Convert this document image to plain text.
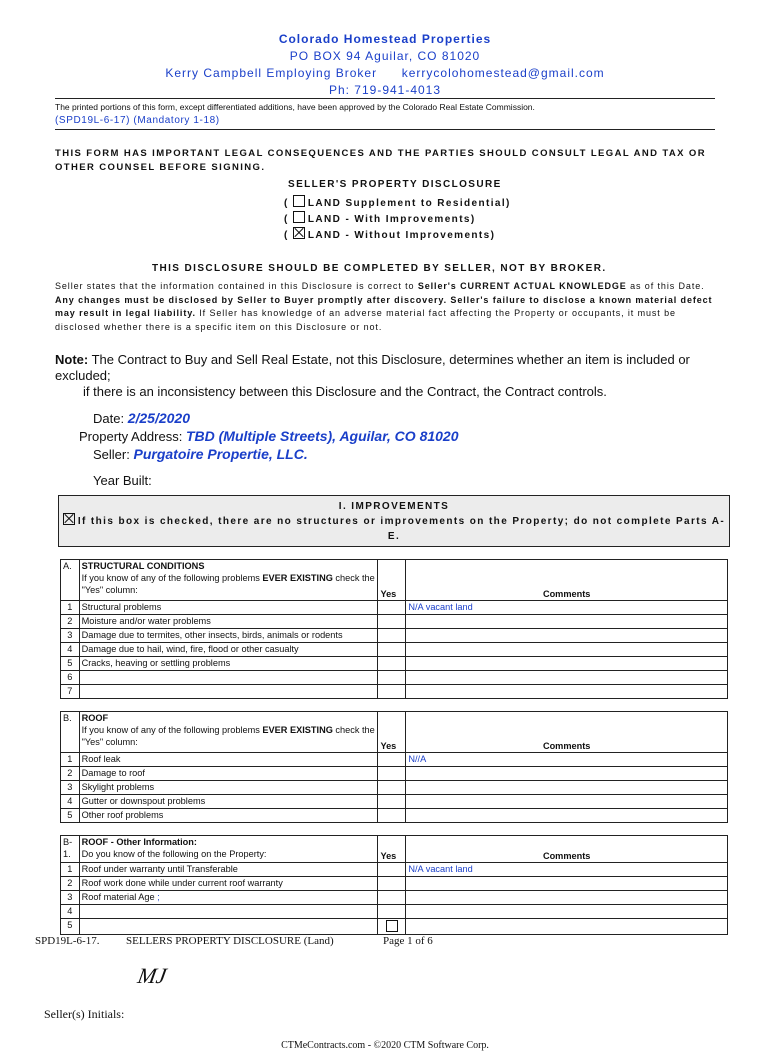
Colorado Homestead Properties
PO BOX 94 Aguilar, CO 81020
Kerry Campbell Employing Broker kerrycolohomestead@gmail.com
Ph: 719-941-4013
The printed portions of this form, except differentiated additions, have been approved by the Colorado Real Estate Commission.
(SPD19L-6-17) (Mandatory 1-18)
THIS FORM HAS IMPORTANT LEGAL CONSEQUENCES AND THE PARTIES SHOULD CONSULT LEGAL AND TAX OR OTHER COUNSEL BEFORE SIGNING.
SELLER'S PROPERTY DISCLOSURE
( LAND Supplement to Residential)
( LAND - With Improvements)
( LAND - Without Improvements)
THIS DISCLOSURE SHOULD BE COMPLETED BY SELLER, NOT BY BROKER.
Seller states that the information contained in this Disclosure is correct to Seller's CURRENT ACTUAL KNOWLEDGE as of this Date. Any changes must be disclosed by Seller to Buyer promptly after discovery. Seller's failure to disclose a known material defect may result in legal liability. If Seller has knowledge of an adverse material fact affecting the Property or occupants, it must be disclosed whether there is a specific item on this Disclosure or not.
Note: The Contract to Buy and Sell Real Estate, not this Disclosure, determines whether an item is included or excluded;
if there is an inconsistency between this Disclosure and the Contract, the Contract controls.
Date: 2/25/2020
Property Address: TBD (Multiple Streets), Aguilar, CO 81020
Seller: Purgatoire Propertie, LLC.
Year Built:
I. IMPROVEMENTS
If this box is checked, there are no structures or improvements on the Property; do not complete Parts A-E.
A.	STRUCTURAL CONDITIONS
If you know of any of the following problems EVER EXISTING check the "Yes" column:	Yes	Comments
1	Structural problems		N/A vacant land
2	Moisture and/or water problems		
3	Damage due to termites, other insects, birds, animals or rodents		
4	Damage due to hail, wind, fire, flood or other casualty		
5	Cracks, heaving or settling problems		
6			
7			
B.	ROOF
If you know of any of the following problems EVER EXISTING check the "Yes" column:	Yes	Comments
1	Roof leak		N//A
2	Damage to roof		
3	Skylight problems		
4	Gutter or downspout problems		
5	Other roof problems		
B-1.	ROOF - Other Information:
Do you know of the following on the Property:	Yes	Comments
1	Roof under warranty until Transferable		N/A vacant land
2	Roof work done while under current roof warranty		
3	Roof material Age ;		
4			
5			
SPD19L-6-17. SELLERS PROPERTY DISCLOSURE (Land)	Page 1 of 6
Seller(s) Initials:
MJ
CTMeContracts.com - ©2020 CTM Software Corp.
